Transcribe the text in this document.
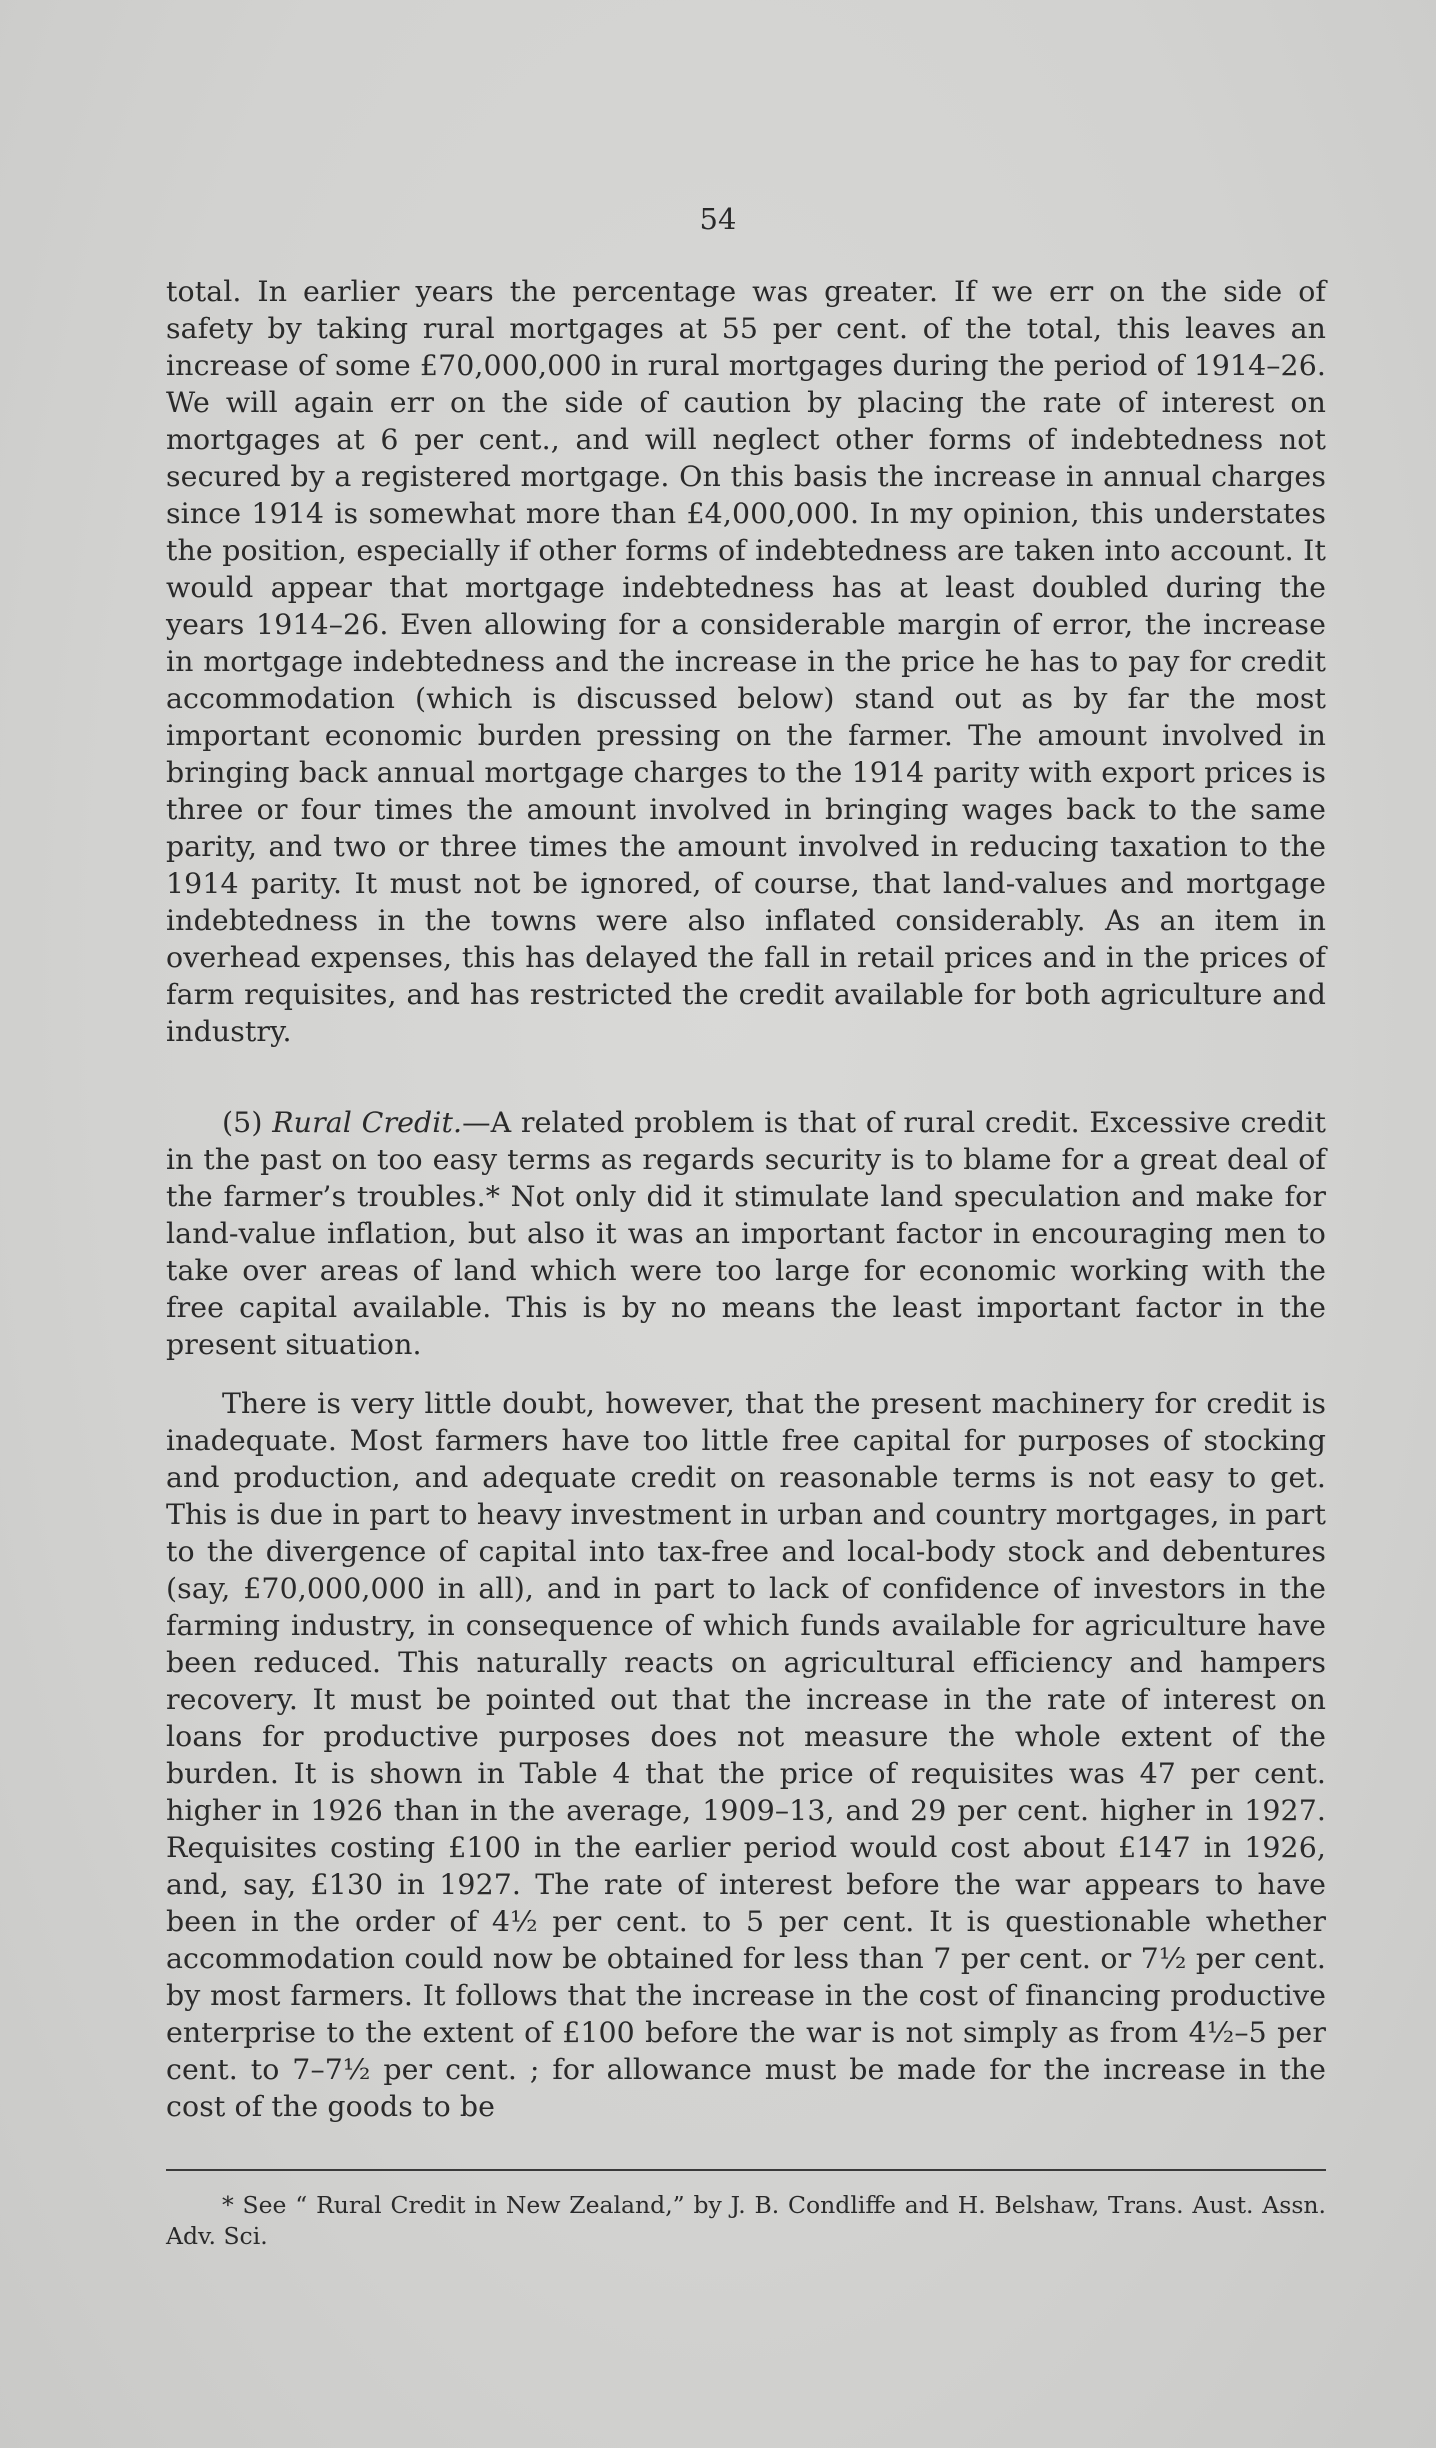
54

total. In earlier years the percentage was greater. If we err on the side of safety by taking rural mortgages at 55 per cent. of the total, this leaves an increase of some £70,000,000 in rural mortgages during the period of 1914–26. We will again err on the side of caution by placing the rate of interest on mortgages at 6 per cent., and will neglect other forms of indebtedness not secured by a registered mortgage. On this basis the increase in annual charges since 1914 is somewhat more than £4,000,000. In my opinion, this understates the position, especially if other forms of indebtedness are taken into account. It would appear that mortgage indebtedness has at least doubled during the years 1914–26. Even allowing for a considerable margin of error, the increase in mortgage indebtedness and the increase in the price he has to pay for credit accommodation (which is discussed below) stand out as by far the most important economic burden pressing on the farmer. The amount involved in bringing back annual mortgage charges to the 1914 parity with export prices is three or four times the amount involved in bringing wages back to the same parity, and two or three times the amount involved in reducing taxation to the 1914 parity. It must not be ignored, of course, that land-values and mortgage indebtedness in the towns were also inflated considerably. As an item in overhead expenses, this has delayed the fall in retail prices and in the prices of farm requisites, and has restricted the credit available for both agriculture and industry.

(5) Rural Credit.—A related problem is that of rural credit. Excessive credit in the past on too easy terms as regards security is to blame for a great deal of the farmer’s troubles.* Not only did it stimulate land speculation and make for land-value inflation, but also it was an important factor in encouraging men to take over areas of land which were too large for economic working with the free capital available. This is by no means the least important factor in the present situation.

There is very little doubt, however, that the present machinery for credit is inadequate. Most farmers have too little free capital for purposes of stocking and production, and adequate credit on reasonable terms is not easy to get. This is due in part to heavy investment in urban and country mortgages, in part to the divergence of capital into tax-free and local-body stock and debentures (say, £70,000,000 in all), and in part to lack of confidence of investors in the farming industry, in consequence of which funds available for agriculture have been reduced. This naturally reacts on agricultural efficiency and hampers recovery. It must be pointed out that the increase in the rate of interest on loans for productive purposes does not measure the whole extent of the burden. It is shown in Table 4 that the price of requisites was 47 per cent. higher in 1926 than in the average, 1909–13, and 29 per cent. higher in 1927. Requisites costing £100 in the earlier period would cost about £147 in 1926, and, say, £130 in 1927. The rate of interest before the war appears to have been in the order of 4½ per cent. to 5 per cent. It is questionable whether accommodation could now be obtained for less than 7 per cent. or 7½ per cent. by most farmers. It follows that the increase in the cost of financing productive enterprise to the extent of £100 before the war is not simply as from 4½–5 per cent. to 7–7½ per cent. ; for allowance must be made for the increase in the cost of the goods to be

* See “ Rural Credit in New Zealand,” by J. B. Condliffe and H. Belshaw, Trans. Aust. Assn. Adv. Sci.
